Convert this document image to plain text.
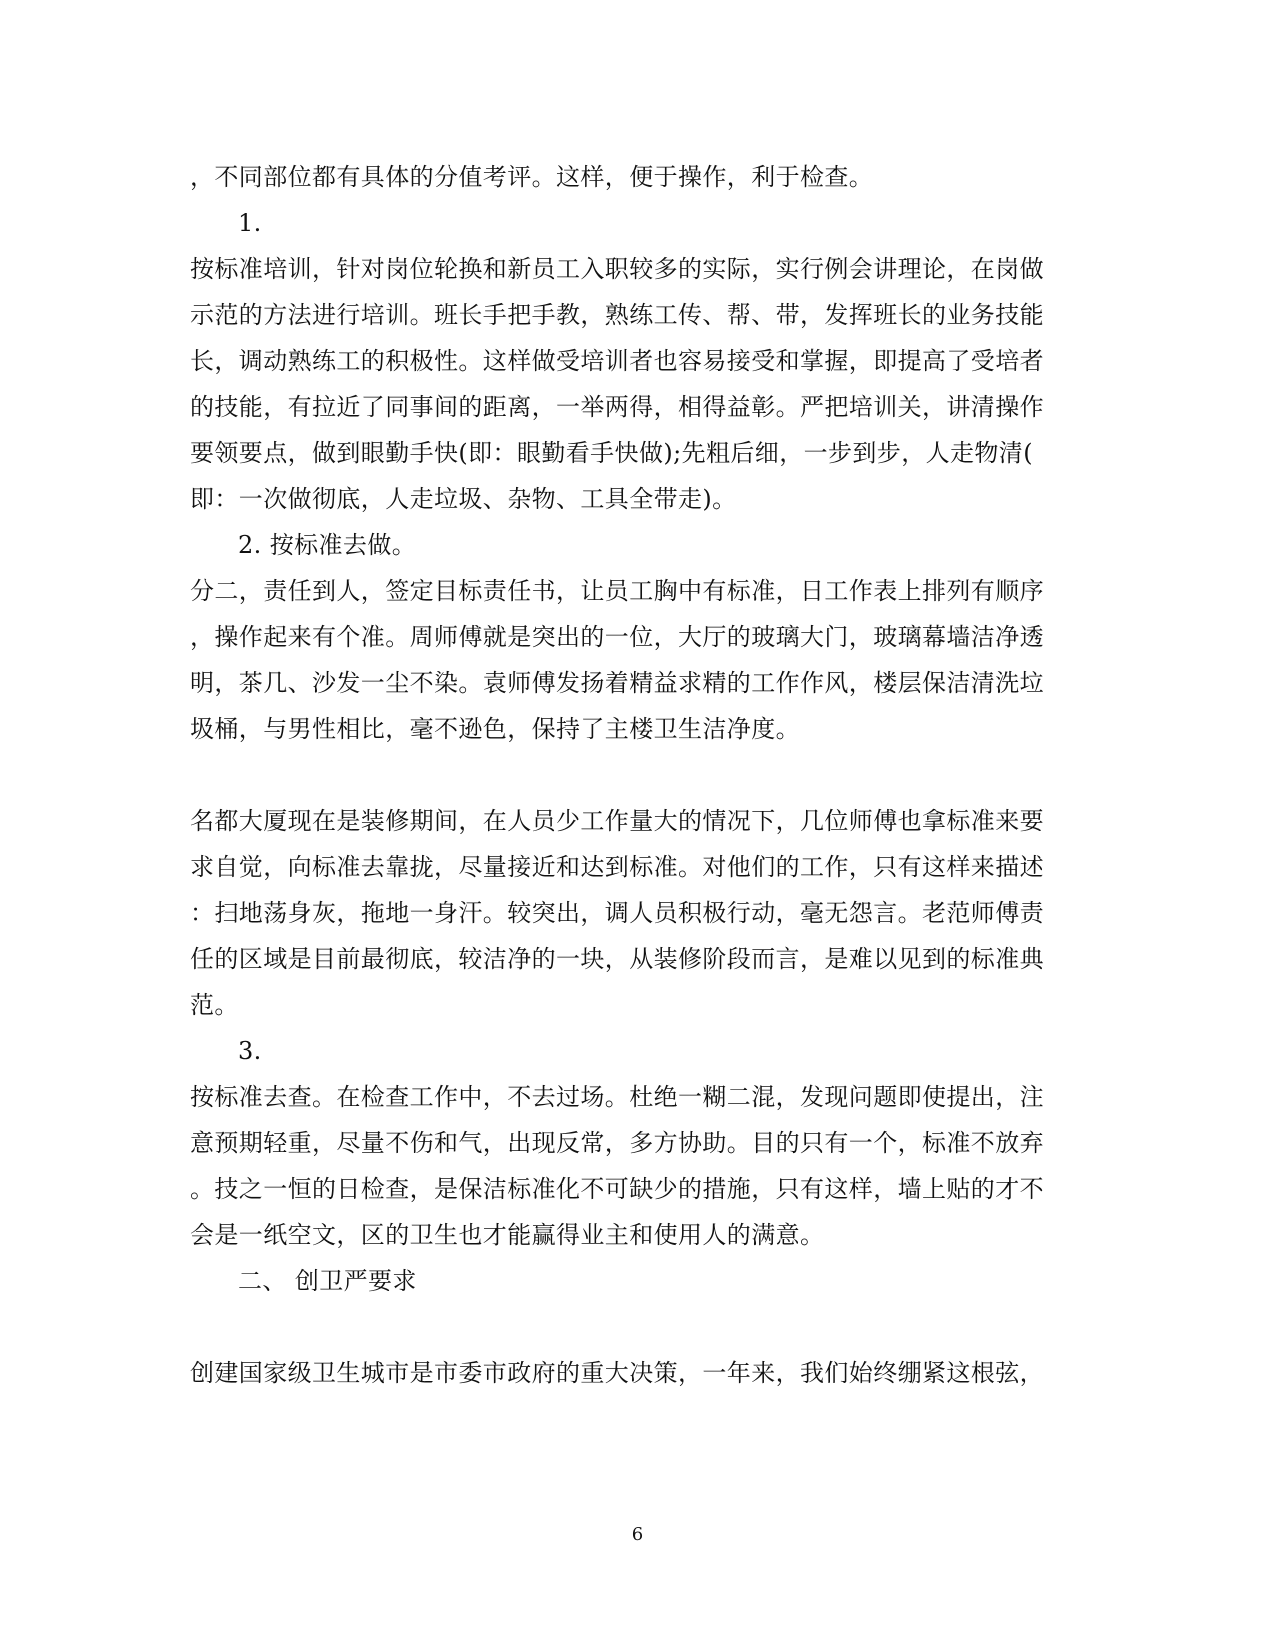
，不同部位都有具体的分值考评。这样，便于操作，利于检查。
1.
按标准培训，针对岗位轮换和新员工入职较多的实际，实行例会讲理论，在岗做
示范的方法进行培训。班长手把手教，熟练工传、帮、带，发挥班长的业务技能
长，调动熟练工的积极性。这样做受培训者也容易接受和掌握，即提高了受培者
的技能，有拉近了同事间的距离，一举两得，相得益彰。严把培训关，讲清操作
要领要点，做到眼勤手快(即：眼勤看手快做);先粗后细，一步到步，人走物清(
即：一次做彻底，人走垃圾、杂物、工具全带走)。
2. 按标准去做。
分二，责任到人，签定目标责任书，让员工胸中有标准，日工作表上排列有顺序
，操作起来有个准。周师傅就是突出的一位，大厅的玻璃大门，玻璃幕墙洁净透
明，茶几、沙发一尘不染。袁师傅发扬着精益求精的工作作风，楼层保洁清洗垃
圾桶，与男性相比，毫不逊色，保持了主楼卫生洁净度。
名都大厦现在是装修期间，在人员少工作量大的情况下，几位师傅也拿标准来要
求自觉，向标准去靠拢，尽量接近和达到标准。对他们的工作，只有这样来描述
：扫地荡身灰，拖地一身汗。较突出，调人员积极行动，毫无怨言。老范师傅责
任的区域是目前最彻底，较洁净的一块，从装修阶段而言，是难以见到的标准典
范。
3.
按标准去查。在检查工作中，不去过场。杜绝一糊二混，发现问题即使提出，注
意预期轻重，尽量不伤和气，出现反常，多方协助。目的只有一个，标准不放弃
。技之一恒的日检查，是保洁标准化不可缺少的措施，只有这样，墙上贴的才不
会是一纸空文，区的卫生也才能赢得业主和使用人的满意。
二、 创卫严要求
创建国家级卫生城市是市委市政府的重大决策，一年来，我们始终绷紧这根弦，
6
